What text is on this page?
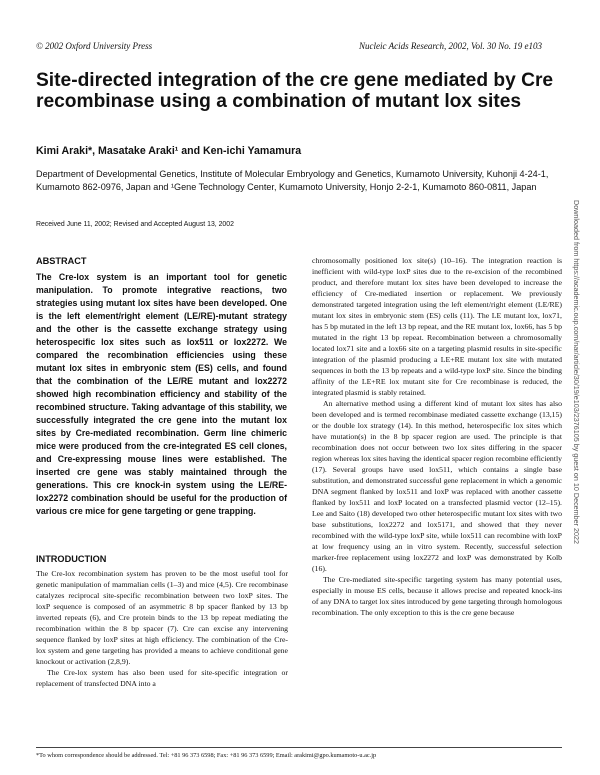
© 2002 Oxford University Press	Nucleic Acids Research, 2002, Vol. 30 No. 19 e103
Site-directed integration of the cre gene mediated by Cre recombinase using a combination of mutant lox sites

Kimi Araki*, Masatake Araki¹ and Ken-ichi Yamamura

Department of Developmental Genetics, Institute of Molecular Embryology and Genetics, Kumamoto University, Kuhonji 4-24-1, Kumamoto 862-0976, Japan and ¹Gene Technology Center, Kumamoto University, Honjo 2-2-1, Kumamoto 860-0811, Japan

Received June 11, 2002; Revised and Accepted August 13, 2002	Downloaded from https://academic.oup.com/nar/article/30/19/e103/2376105 by guest on 10 December 2022
ABSTRACT

The Cre-lox system is an important tool for genetic manipulation. To promote integrative reactions, two strategies using mutant lox sites have been developed. One is the left element/right element (LE/RE)-mutant strategy and the other is the cassette exchange strategy using heterospecific lox sites such as lox511 or lox2272. We compared the recombination efficiencies using these mutant lox sites in embryonic stem (ES) cells, and found that the combination of the LE/RE mutant and lox2272 showed high recombination efficiency and stability of the recombined structure. Taking advantage of this stability, we successfully integrated the cre gene into the mutant lox sites by Cre-mediated recombination. Germ line chimeric mice were produced from the cre-integrated ES cell clones, and Cre-expressing mouse lines were established. The inserted cre gene was stably maintained through the generations. This cre knock-in system using the LE/RE-lox2272 combination should be useful for the production of various cre mice for gene targeting or gene trapping.

INTRODUCTION

The Cre-lox recombination system has proven to be the most useful tool for genetic manipulation of mammalian cells (1–3) and mice (4,5). Cre recombinase catalyzes reciprocal site-specific recombination between two loxP sites. The loxP sequence is composed of an asymmetric 8 bp spacer flanked by 13 bp inverted repeats (6), and Cre protein binds to the 13 bp repeat mediating the recombination within the 8 bp spacer (7). Cre can excise any intervening sequence flanked by loxP sites at high efficiency. The combination of the Cre-lox system and gene targeting has provided a means to achieve conditional gene knockout or activation (2,8,9).

The Cre-lox system has also been used for site-specific integration or replacement of transfected DNA into a

chromosomally positioned lox site(s) (10–16). The integration reaction is inefficient with wild-type loxP sites due to the re-excision of the recombined product, and therefore mutant lox sites have been developed to increase the efficiency of Cre-mediated insertion or replacement. We previously demonstrated targeted integration using the left element/right element (LE/RE) mutant lox sites in embryonic stem (ES) cells (11). The LE mutant lox, lox71, has 5 bp mutated in the left 13 bp repeat, and the RE mutant lox, lox66, has 5 bp mutated in the right 13 bp repeat. Recombination between a chromosomally located lox71 site and a lox66 site on a targeting plasmid results in site-specific integration of the plasmid producing a LE+RE mutant lox site with mutated sequences in both the 13 bp repeats and a wild-type loxP site. Since the binding affinity of the LE+RE lox mutant site for Cre recombinase is reduced, the integrated plasmid is stably retained.

An alternative method using a different kind of mutant lox sites has also been developed and is termed recombinase mediated cassette exchange (13,15) or the double lox strategy (14). In this method, heterospecific lox sites which have mutation(s) in the 8 bp spacer region are used. The principle is that recombination does not occur between two lox sites differing in the spacer region whereas lox sites having the identical spacer region recombine efficiently (17). Several groups have used lox511, which contains a single base substitution, and demonstrated successful gene replacement in which a genomic DNA segment flanked by lox511 and loxP was replaced with another cassette flanked by lox511 and loxP located on a transfected plasmid vector (12–15). Lee and Saito (18) developed two other heterospecific mutant lox sites with two base substitutions, lox2272 and lox5171, and showed that they never recombined with the wild-type loxP site, while lox511 can recombine with loxP at low frequency using an in vitro system. Recently, successful selection marker-free replacement using lox2272 and loxP was demonstrated by Kolb (16).

The Cre-mediated site-specific targeting system has many potential uses, especially in mouse ES cells, because it allows precise and repeated knock-ins of any DNA to target lox sites introduced by gene targeting through homologous recombination. The only exception to this is the cre gene because

*To whom correspondence should be addressed. Tel: +81 96 373 6598; Fax: +81 96 373 6599; Email: arakimi@gpo.kumamoto-u.ac.jp
